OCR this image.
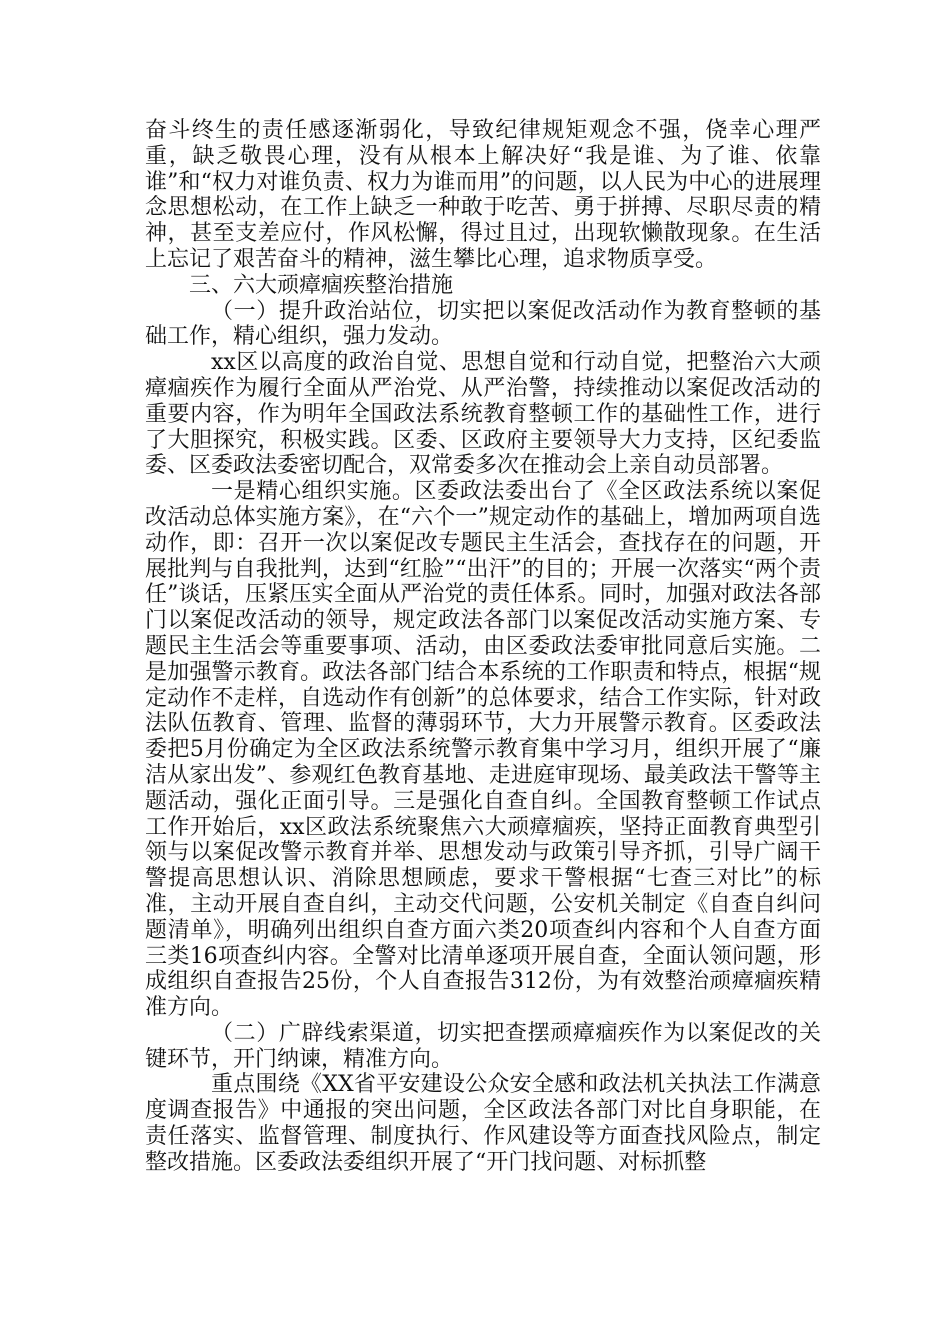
奋斗终生的责任感逐渐弱化，导致纪律规矩观念不强，侥幸心理严重，缺乏敬畏心理，没有从根本上解决好“我是谁、为了谁、依靠谁”和“权力对谁负责、权力为谁而用”的问题，以人民为中心的进展理念思想松动，在工作上缺乏一种敢于吃苦、勇于拼搏、尽职尽责的精神，甚至支差应付，作风松懈，得过且过，出现软懒散现象。在生活上忘记了艰苦奋斗的精神，滋生攀比心理，追求物质享受。

三、六大顽瘴痼疾整治措施

（一）提升政治站位，切实把以案促改活动作为教育整顿的基础工作，精心组织，强力发动。

xx区以高度的政治自觉、思想自觉和行动自觉，把整治六大顽瘴痼疾作为履行全面从严治党、从严治警，持续推动以案促改活动的重要内容，作为明年全国政法系统教育整顿工作的基础性工作，进行了大胆探究，积极实践。区委、区政府主要领导大力支持，区纪委监委、区委政法委密切配合，双常委多次在推动会上亲自动员部署。

一是精心组织实施。区委政法委出台了《全区政法系统以案促改活动总体实施方案》，在“六个一”规定动作的基础上，增加两项自选动作，即：召开一次以案促改专题民主生活会，查找存在的问题，开展批判与自我批判，达到“红脸”“出汗”的目的；开展一次落实“两个责任”谈话，压紧压实全面从严治党的责任体系。同时，加强对政法各部门以案促改活动的领导，规定政法各部门以案促改活动实施方案、专题民主生活会等重要事项、活动，由区委政法委审批同意后实施。二是加强警示教育。政法各部门结合本系统的工作职责和特点，根据“规定动作不走样，自选动作有创新”的总体要求，结合工作实际，针对政法队伍教育、管理、监督的薄弱环节，大力开展警示教育。区委政法委把5月份确定为全区政法系统警示教育集中学习月，组织开展了“廉洁从家出发”、参观红色教育基地、走进庭审现场、最美政法干警等主题活动，强化正面引导。三是强化自查自纠。全国教育整顿工作试点工作开始后，xx区政法系统聚焦六大顽瘴痼疾，坚持正面教育典型引领与以案促改警示教育并举、思想发动与政策引导齐抓，引导广阔干警提高思想认识、消除思想顾虑，要求干警根据“七查三对比”的标准，主动开展自查自纠，主动交代问题，公安机关制定《自查自纠问题清单》，明确列出组织自查方面六类20项查纠内容和个人自查方面三类16项查纠内容。全警对比清单逐项开展自查，全面认领问题，形成组织自查报告25份，个人自查报告312份，为有效整治顽瘴痼疾精准方向。

（二）广辟线索渠道，切实把查摆顽瘴痼疾作为以案促改的关键环节，开门纳谏，精准方向。

重点围绕《XX省平安建设公众安全感和政法机关执法工作满意度调查报告》中通报的突出问题，全区政法各部门对比自身职能，在责任落实、监督管理、制度执行、作风建设等方面查找风险点，制定整改措施。区委政法委组织开展了“开门找问题、对标抓整
